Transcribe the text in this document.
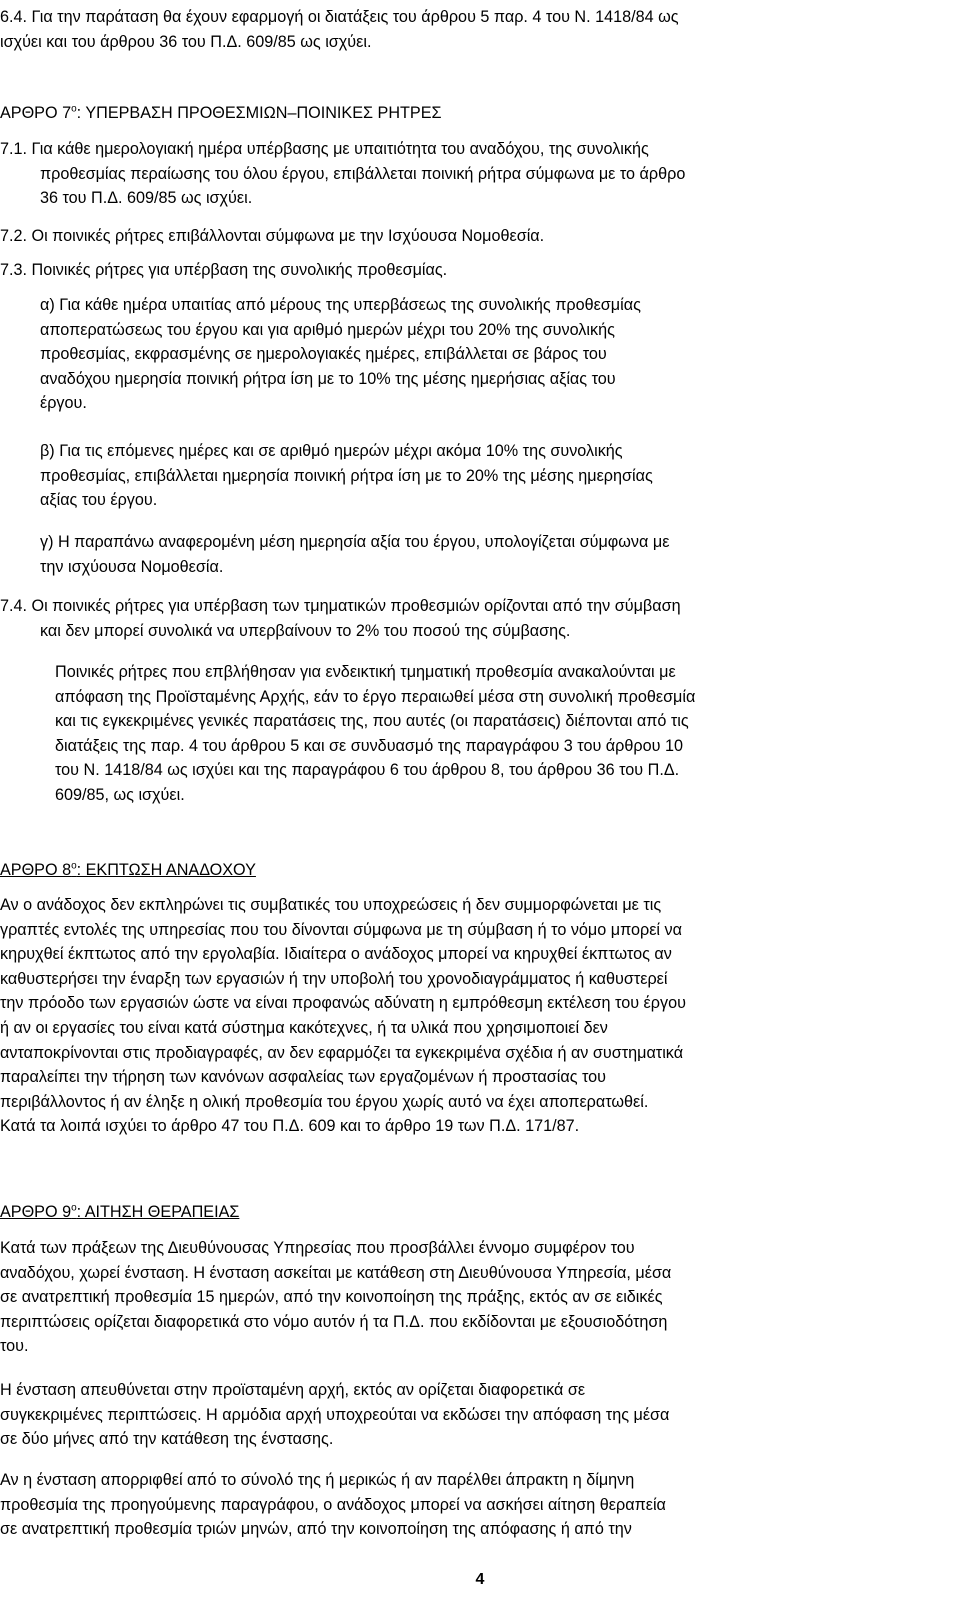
6.4. Για την παράταση θα έχουν εφαρμογή οι διατάξεις του άρθρου 5 παρ. 4 του Ν. 1418/84 ως
ισχύει και του άρθρου 36 του Π.Δ. 609/85 ως ισχύει.
ΑΡΘΡΟ $7^o$: ΥΠΕΡΒΑΣΗ ΠΡΟΘΕΣΜΙΩΝ–ΠΟΙΝΙΚΕΣ ΡΗΤΡΕΣ
7.1. Για κάθε ημερολογιακή ημέρα υπέρβασης με υπαιτιότητα του αναδόχου, της συνολικής
προθεσμίας περαίωσης του όλου έργου, επιβάλλεται ποινική ρήτρα σύμφωνα με το άρθρο
36 του Π.Δ. 609/85 ως ισχύει.
7.2. Οι ποινικές ρήτρες επιβάλλονται σύμφωνα με την Ισχύουσα Νομοθεσία.
7.3. Ποινικές ρήτρες για υπέρβαση της συνολικής προθεσμίας.
α) Για κάθε ημέρα υπαιτίας από μέρους της υπερβάσεως της συνολικής προθεσμίας
αποπερατώσεως του έργου και για αριθμό ημερών μέχρι του 20% της συνολικής
προθεσμίας, εκφρασμένης σε ημερολογιακές ημέρες, επιβάλλεται σε βάρος του
αναδόχου ημερησία ποινική ρήτρα ίση με το 10% της μέσης ημερήσιας αξίας του
έργου.
β) Για τις επόμενες ημέρες και σε αριθμό ημερών μέχρι ακόμα 10% της συνολικής
προθεσμίας, επιβάλλεται ημερησία ποινική ρήτρα ίση με το 20% της μέσης ημερησίας
αξίας του έργου.
γ) Η παραπάνω αναφερομένη μέση ημερησία αξία του έργου, υπολογίζεται σύμφωνα με
την ισχύουσα Νομοθεσία.
7.4. Οι ποινικές ρήτρες για υπέρβαση των τμηματικών προθεσμιών ορίζονται από την σύμβαση
και δεν μπορεί συνολικά να υπερβαίνουν το 2% του ποσού της σύμβασης.
Ποινικές ρήτρες που επβλήθησαν για ενδεικτική τμηματική προθεσμία ανακαλούνται με
απόφαση της Προϊσταμένης Αρχής, εάν το έργο περαιωθεί μέσα στη συνολική προθεσμία
και τις εγκεκριμένες γενικές παρατάσεις της, που αυτές (οι παρατάσεις) διέπονται από τις
διατάξεις της παρ. 4 του άρθρου 5 και σε συνδυασμό της παραγράφου 3 του άρθρου 10
του Ν. 1418/84 ως ισχύει και της παραγράφου 6 του άρθρου 8, του άρθρου 36 του Π.Δ.
609/85, ως ισχύει.
ΑΡΘΡΟ $8^o$: ΕΚΠΤΩΣΗ ΑΝΑΔΟΧΟΥ
Αν ο ανάδοχος δεν εκπληρώνει τις συμβατικές του υποχρεώσεις ή δεν συμμορφώνεται με τις
γραπτές εντολές της υπηρεσίας που του δίνονται σύμφωνα με τη σύμβαση ή το νόμο μπορεί να
κηρυχθεί έκπτωτος από την εργολαβία. Ιδιαίτερα ο ανάδοχος μπορεί να κηρυχθεί έκπτωτος αν
καθυστερήσει την έναρξη των εργασιών ή την υποβολή του χρονοδιαγράμματος ή καθυστερεί
την πρόοδο των εργασιών ώστε να είναι προφανώς αδύνατη η εμπρόθεσμη εκτέλεση του έργου
ή αν οι εργασίες του είναι κατά σύστημα κακότεχνες, ή τα υλικά που χρησιμοποιεί δεν
ανταποκρίνονται στις προδιαγραφές, αν δεν εφαρμόζει τα εγκεκριμένα σχέδια ή αν συστηματικά
παραλείπει την τήρηση των κανόνων ασφαλείας των εργαζομένων ή προστασίας του
περιβάλλοντος ή αν έληξε η ολική προθεσμία του έργου χωρίς αυτό να έχει αποπερατωθεί.
Κατά τα λοιπά ισχύει το άρθρο 47 του Π.Δ. 609 και το άρθρο 19 των Π.Δ. 171/87.
ΑΡΘΡΟ $9^o$: ΑΙΤΗΣΗ ΘΕΡΑΠΕΙΑΣ
Κατά των πράξεων της Διευθύνουσας Υπηρεσίας που προσβάλλει έννομο συμφέρον του
αναδόχου, χωρεί ένσταση. Η ένσταση ασκείται με κατάθεση στη Διευθύνουσα Υπηρεσία, μέσα
σε ανατρεπτική προθεσμία 15 ημερών, από την κοινοποίηση της πράξης, εκτός αν σε ειδικές
περιπτώσεις ορίζεται διαφορετικά στο νόμο αυτόν ή τα Π.Δ. που εκδίδονται με εξουσιοδότηση
του.
Η ένσταση απευθύνεται στην προϊσταμένη αρχή, εκτός αν ορίζεται διαφορετικά σε
συγκεκριμένες περιπτώσεις. Η αρμόδια αρχή υποχρεούται να εκδώσει την απόφαση της μέσα
σε δύο μήνες από την κατάθεση της ένστασης.
Αν η ένσταση απορριφθεί από το σύνολό της ή μερικώς ή αν παρέλθει άπρακτη η δίμηνη
προθεσμία της προηγούμενης παραγράφου, ο ανάδοχος μπορεί να ασκήσει αίτηση θεραπεία
σε ανατρεπτική προθεσμία τριών μηνών, από την κοινοποίηση της απόφασης ή από την
4
